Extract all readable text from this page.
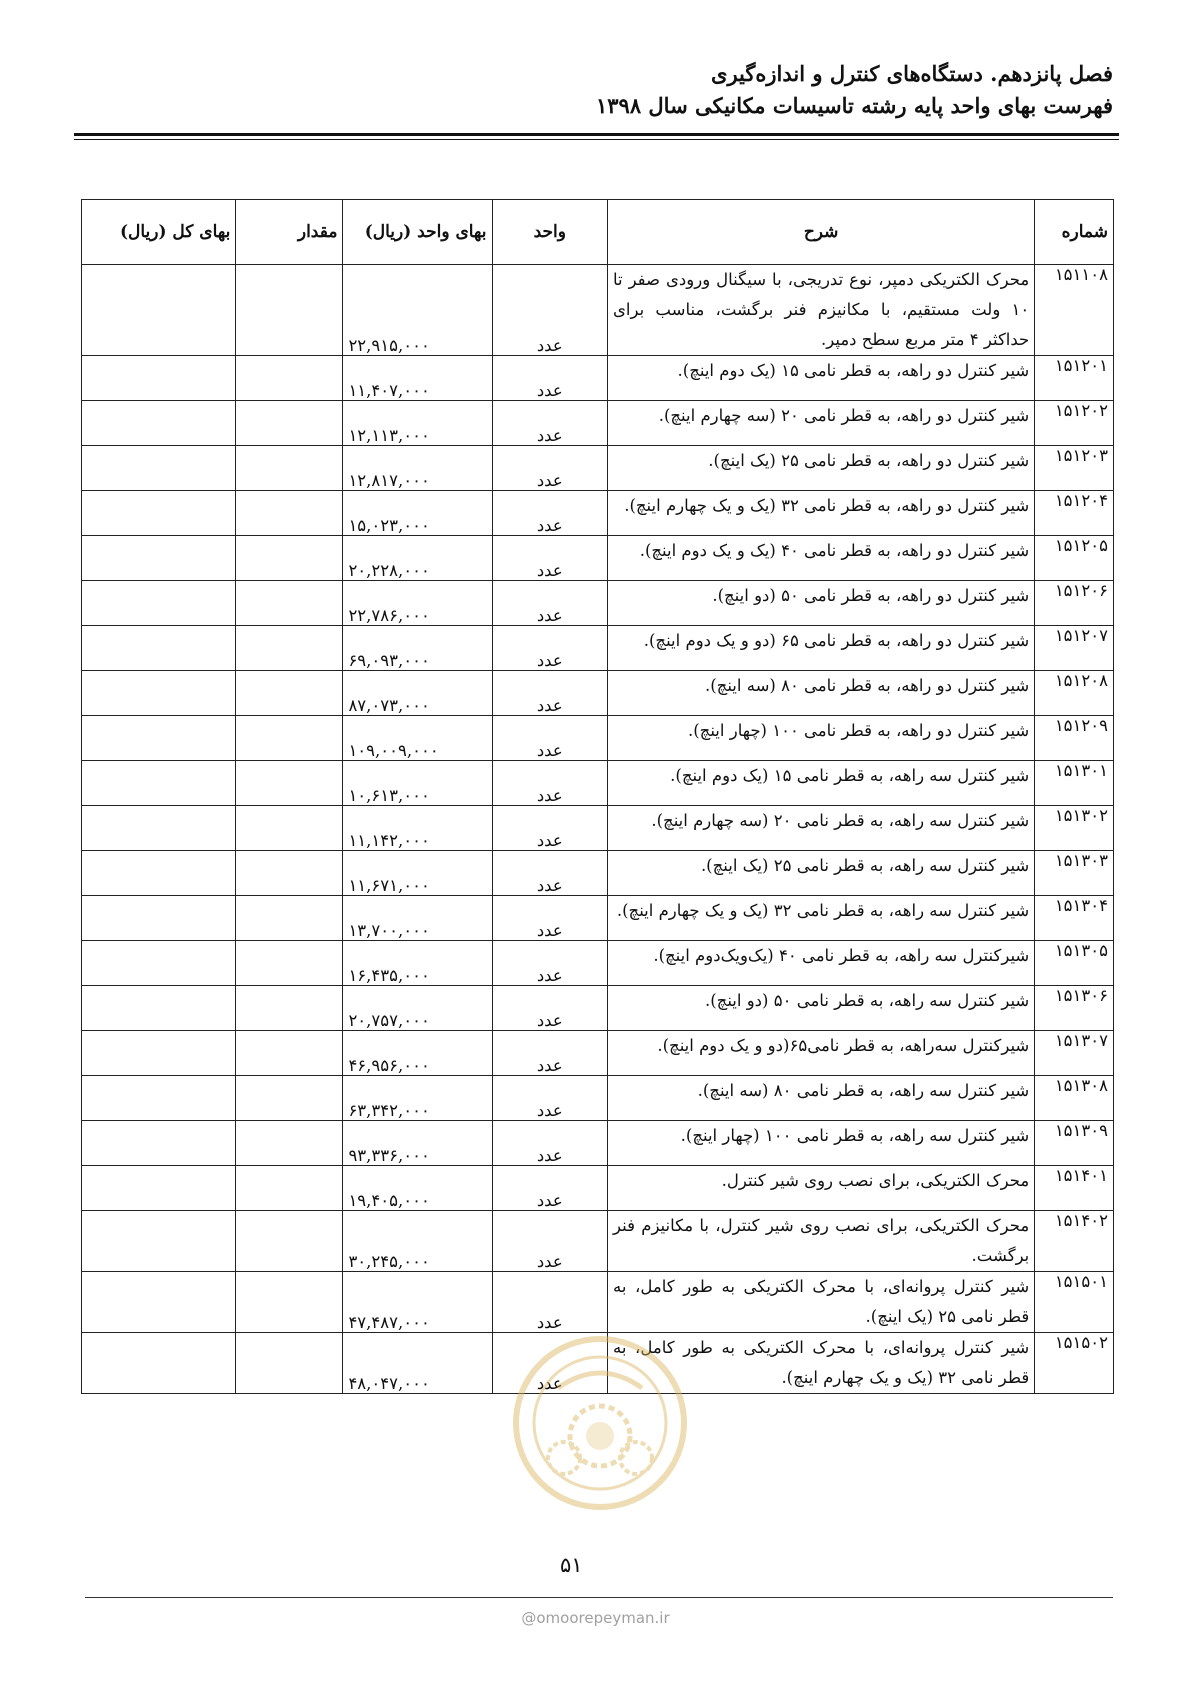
فصل پانزدهم. دستگاه‌های کنترل و اندازه‌گیری
فهرست بهای واحد پایه رشته تاسیسات مکانیکی سال ۱۳۹۸
شماره	شرح	واحد	بهای واحد (ریال)	مقدار	بهای کل (ریال)
۱۵۱۱۰۸	محرک الکتریکی دمپر، نوع تدریجی، با سیگنال ورودی صفر تا ۱۰ ولت مستقیم، با مکانیزم فنر برگشت، مناسب برای حداکثر ۴ متر مربع سطح دمپر.	عدد	۲۲,۹۱۵,۰۰۰		
۱۵۱۲۰۱	شیر کنترل دو راهه، به قطر نامی ۱۵ (یک دوم اینچ).	عدد	۱۱,۴۰۷,۰۰۰		
۱۵۱۲۰۲	شیر کنترل دو راهه، به قطر نامی ۲۰ (سه چهارم اینچ).	عدد	۱۲,۱۱۳,۰۰۰		
۱۵۱۲۰۳	شیر کنترل دو راهه، به قطر نامی ۲۵ (یک اینچ).	عدد	۱۲,۸۱۷,۰۰۰		
۱۵۱۲۰۴	شیر کنترل دو راهه، به قطر نامی ۳۲ (یک و یک چهارم اینچ).	عدد	۱۵,۰۲۳,۰۰۰		
۱۵۱۲۰۵	شیر کنترل دو راهه، به قطر نامی ۴۰ (یک و یک دوم اینچ).	عدد	۲۰,۲۲۸,۰۰۰		
۱۵۱۲۰۶	شیر کنترل دو راهه، به قطر نامی ۵۰ (دو اینچ).	عدد	۲۲,۷۸۶,۰۰۰		
۱۵۱۲۰۷	شیر کنترل دو راهه، به قطر نامی ۶۵ (دو و یک دوم اینچ).	عدد	۶۹,۰۹۳,۰۰۰		
۱۵۱۲۰۸	شیر کنترل دو راهه، به قطر نامی ۸۰ (سه اینچ).	عدد	۸۷,۰۷۳,۰۰۰		
۱۵۱۲۰۹	شیر کنترل دو راهه، به قطر نامی ۱۰۰ (چهار اینچ).	عدد	۱۰۹,۰۰۹,۰۰۰		
۱۵۱۳۰۱	شیر کنترل سه راهه، به قطر نامی ۱۵ (یک دوم اینچ).	عدد	۱۰,۶۱۳,۰۰۰		
۱۵۱۳۰۲	شیر کنترل سه راهه، به قطر نامی ۲۰ (سه چهارم اینچ).	عدد	۱۱,۱۴۲,۰۰۰		
۱۵۱۳۰۳	شیر کنترل سه راهه، به قطر نامی ۲۵ (یک اینچ).	عدد	۱۱,۶۷۱,۰۰۰		
۱۵۱۳۰۴	شیر کنترل سه راهه، به قطر نامی ۳۲ (یک و یک چهارم اینچ).	عدد	۱۳,۷۰۰,۰۰۰		
۱۵۱۳۰۵	شیرکنترل سه راهه، به قطر نامی ۴۰ (یک‌ویک‌دوم اینچ).	عدد	۱۶,۴۳۵,۰۰۰		
۱۵۱۳۰۶	شیر کنترل سه راهه، به قطر نامی ۵۰ (دو اینچ).	عدد	۲۰,۷۵۷,۰۰۰		
۱۵۱۳۰۷	شیرکنترل سه‌راهه، به قطر نامی۶۵(دو و یک دوم اینچ).	عدد	۴۶,۹۵۶,۰۰۰		
۱۵۱۳۰۸	شیر کنترل سه راهه، به قطر نامی ۸۰ (سه اینچ).	عدد	۶۳,۳۴۲,۰۰۰		
۱۵۱۳۰۹	شیر کنترل سه راهه، به قطر نامی ۱۰۰ (چهار اینچ).	عدد	۹۳,۳۳۶,۰۰۰		
۱۵۱۴۰۱	محرک الکتریکی، برای نصب روی شیر کنترل.	عدد	۱۹,۴۰۵,۰۰۰		
۱۵۱۴۰۲	محرک الکتریکی، برای نصب روی شیر کنترل، با مکانیزم فنر برگشت.	عدد	۳۰,۲۴۵,۰۰۰		
۱۵۱۵۰۱	شیر کنترل پروانه‌ای، با محرک الکتریکی به طور کامل، به قطر نامی ۲۵ (یک اینچ).	عدد	۴۷,۴۸۷,۰۰۰		
۱۵۱۵۰۲	شیر کنترل پروانه‌ای، با محرک الکتریکی به طور کامل، به قطر نامی ۳۲ (یک و یک چهارم اینچ).	عدد	۴۸,۰۴۷,۰۰۰		
۵۱
@omoorepeyman.ir
